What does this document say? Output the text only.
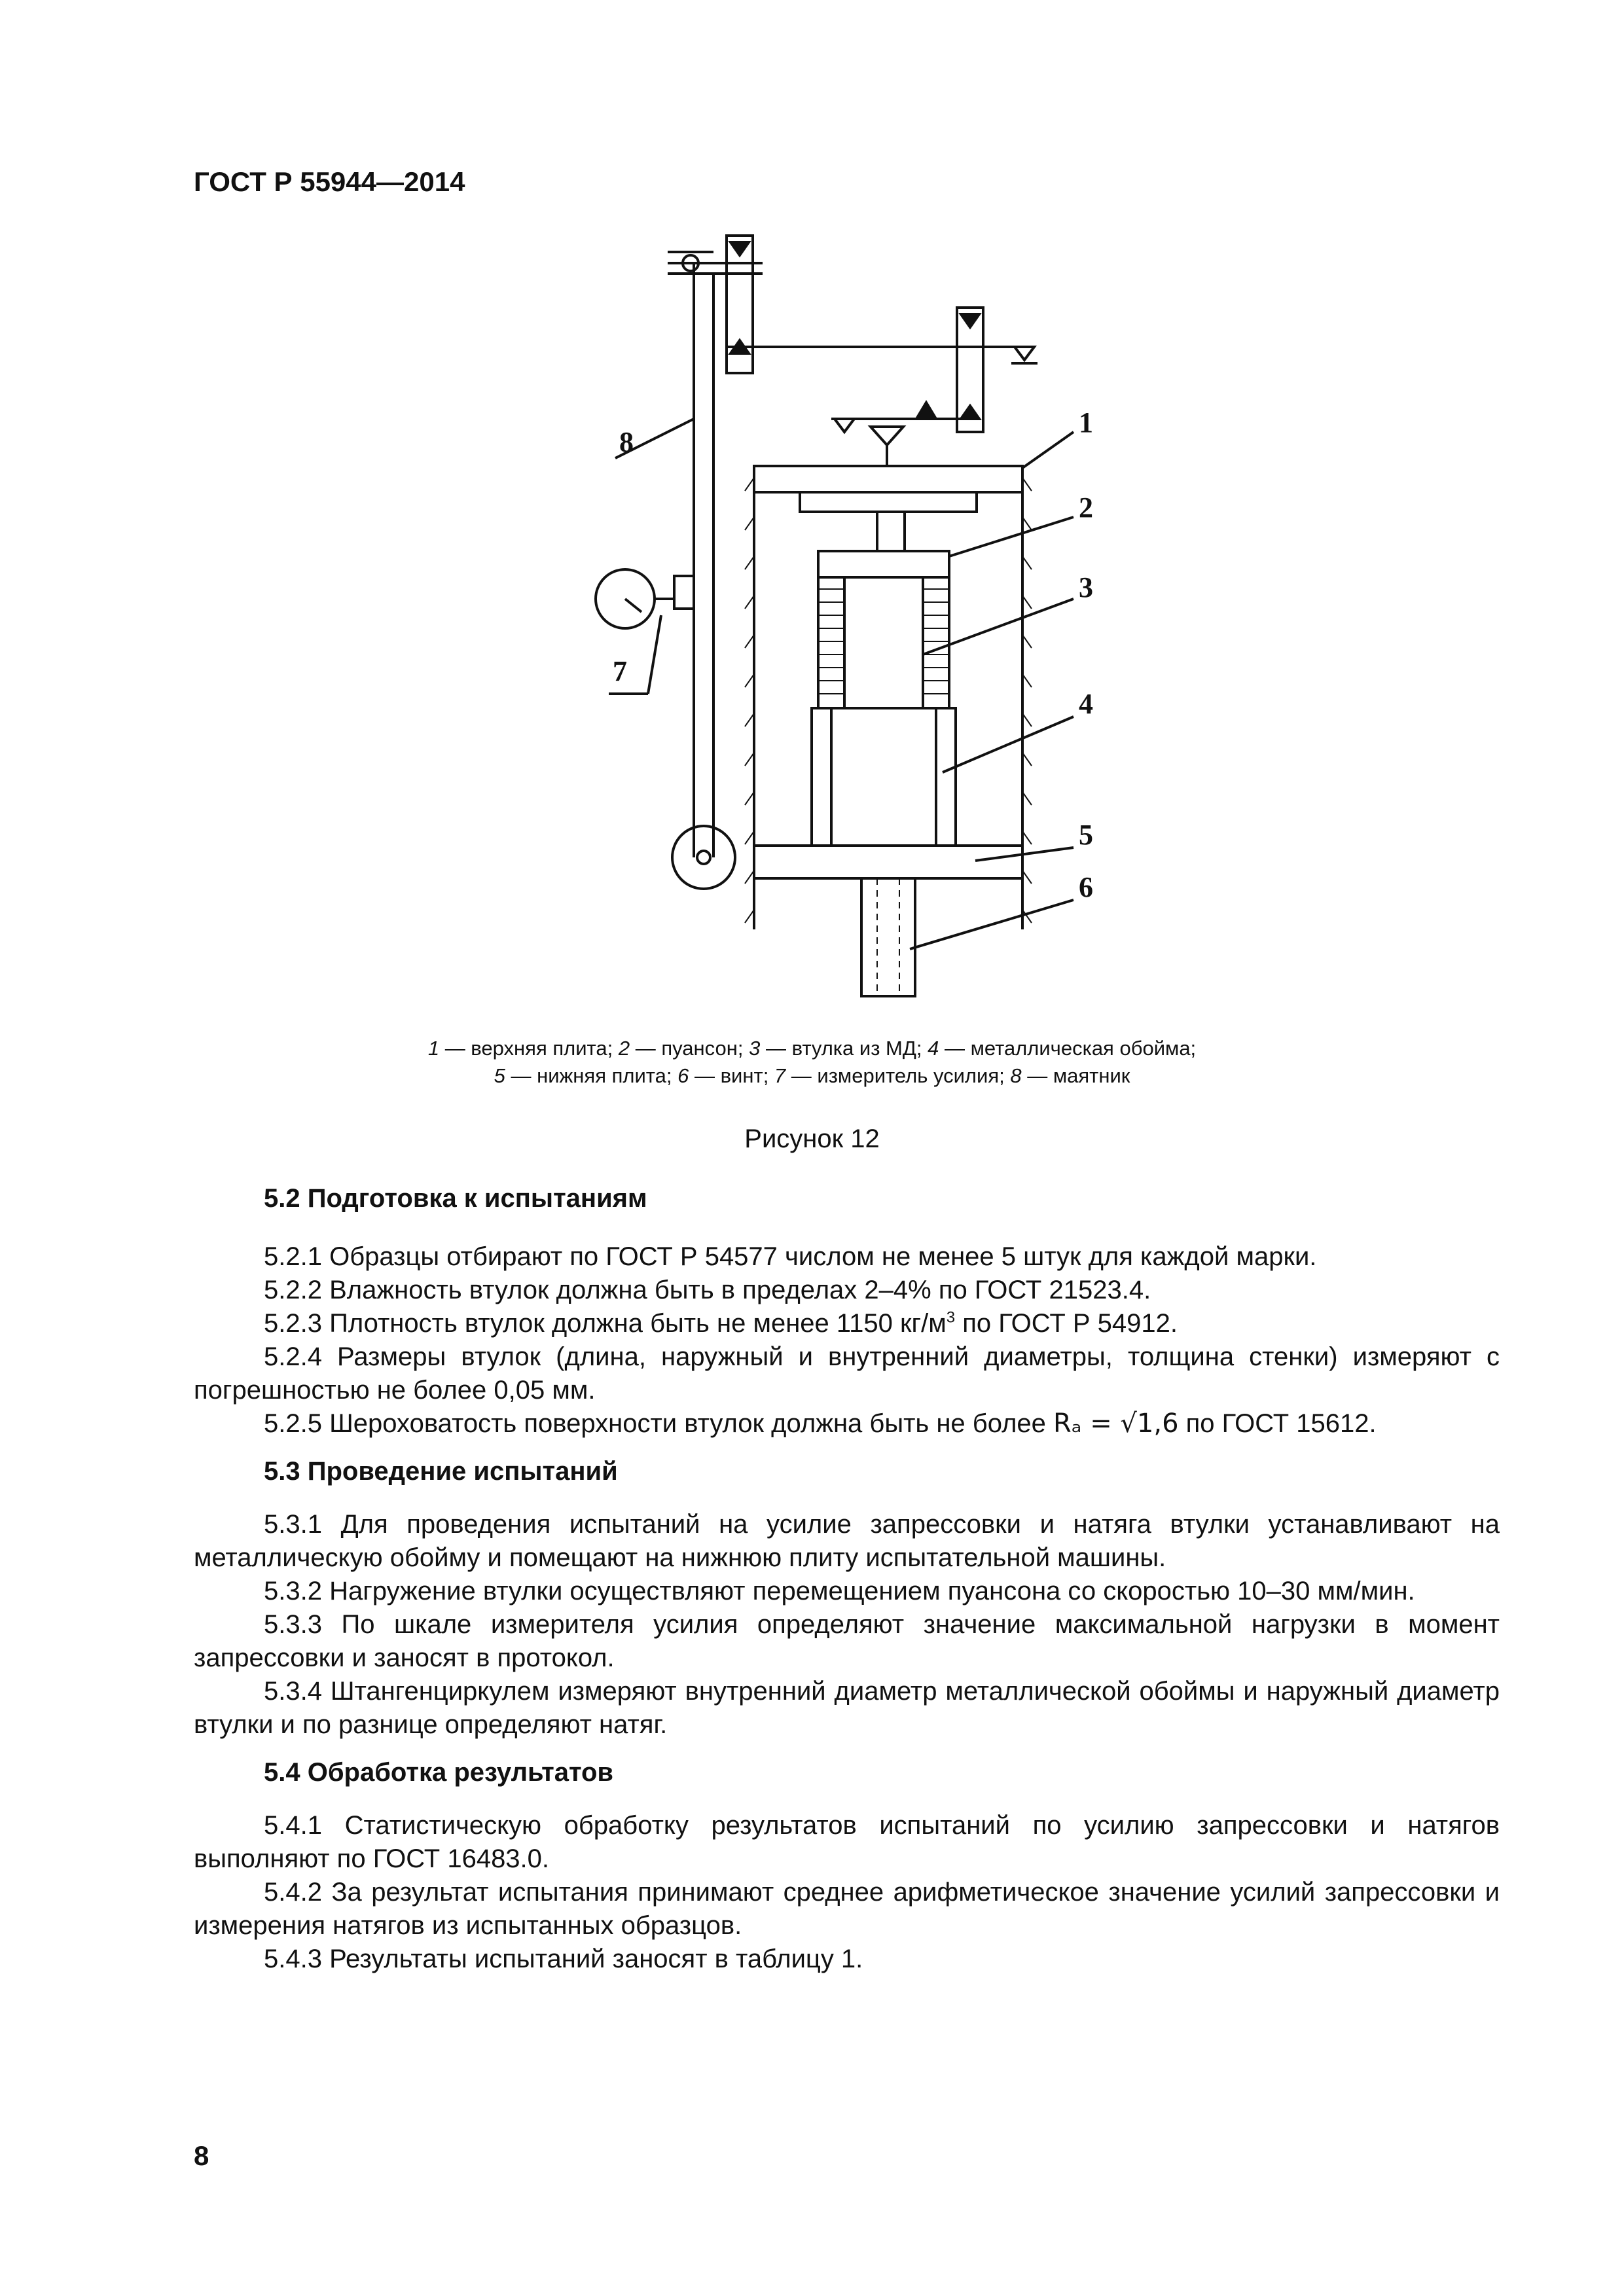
ГОСТ Р 55944—2014
1
2
3
4
5
6
7
8
1 — верхняя плита; 2 — пуансон; 3 — втулка из МД; 4 — металлическая обойма;
5 — нижняя плита; 6 — винт; 7 — измеритель усилия; 8 — маятник
Рисунок 12
5.2 Подготовка к испытаниям
5.2.1 Образцы отбирают по ГОСТ Р 54577 числом не менее 5 штук для каждой марки.
5.2.2 Влажность втулок должна быть в пределах 2–4% по ГОСТ 21523.4.
5.2.3 Плотность втулок должна быть не менее 1150 $кг/м^3$ по ГОСТ Р 54912.
5.2.4 Размеры втулок (длина, наружный и внутренний диаметры, толщина стенки) измеряют с погрешностью не более 0,05 мм.
5.2.5 Шероховатость поверхности втулок должна быть не более Rₐ = √1,6 по ГОСТ 15612.
5.3 Проведение испытаний
5.3.1 Для проведения испытаний на усилие запрессовки и натяга втулки устанавливают на металлическую обойму и помещают на нижнюю плиту испытательной машины.
5.3.2 Нагружение втулки осуществляют перемещением пуансона со скоростью 10–30 мм/мин.
5.3.3 По шкале измерителя усилия определяют значение максимальной нагрузки в момент запрессовки и заносят в протокол.
5.3.4 Штангенциркулем измеряют внутренний диаметр металлической обоймы и наружный диаметр втулки и по разнице определяют натяг.
5.4 Обработка результатов
5.4.1 Статистическую обработку результатов испытаний по усилию запрессовки и натягов выполняют по ГОСТ 16483.0.
5.4.2 За результат испытания принимают среднее арифметическое значение усилий запрессовки и измерения натягов из испытанных образцов.
5.4.3 Результаты испытаний заносят в таблицу 1.
8
